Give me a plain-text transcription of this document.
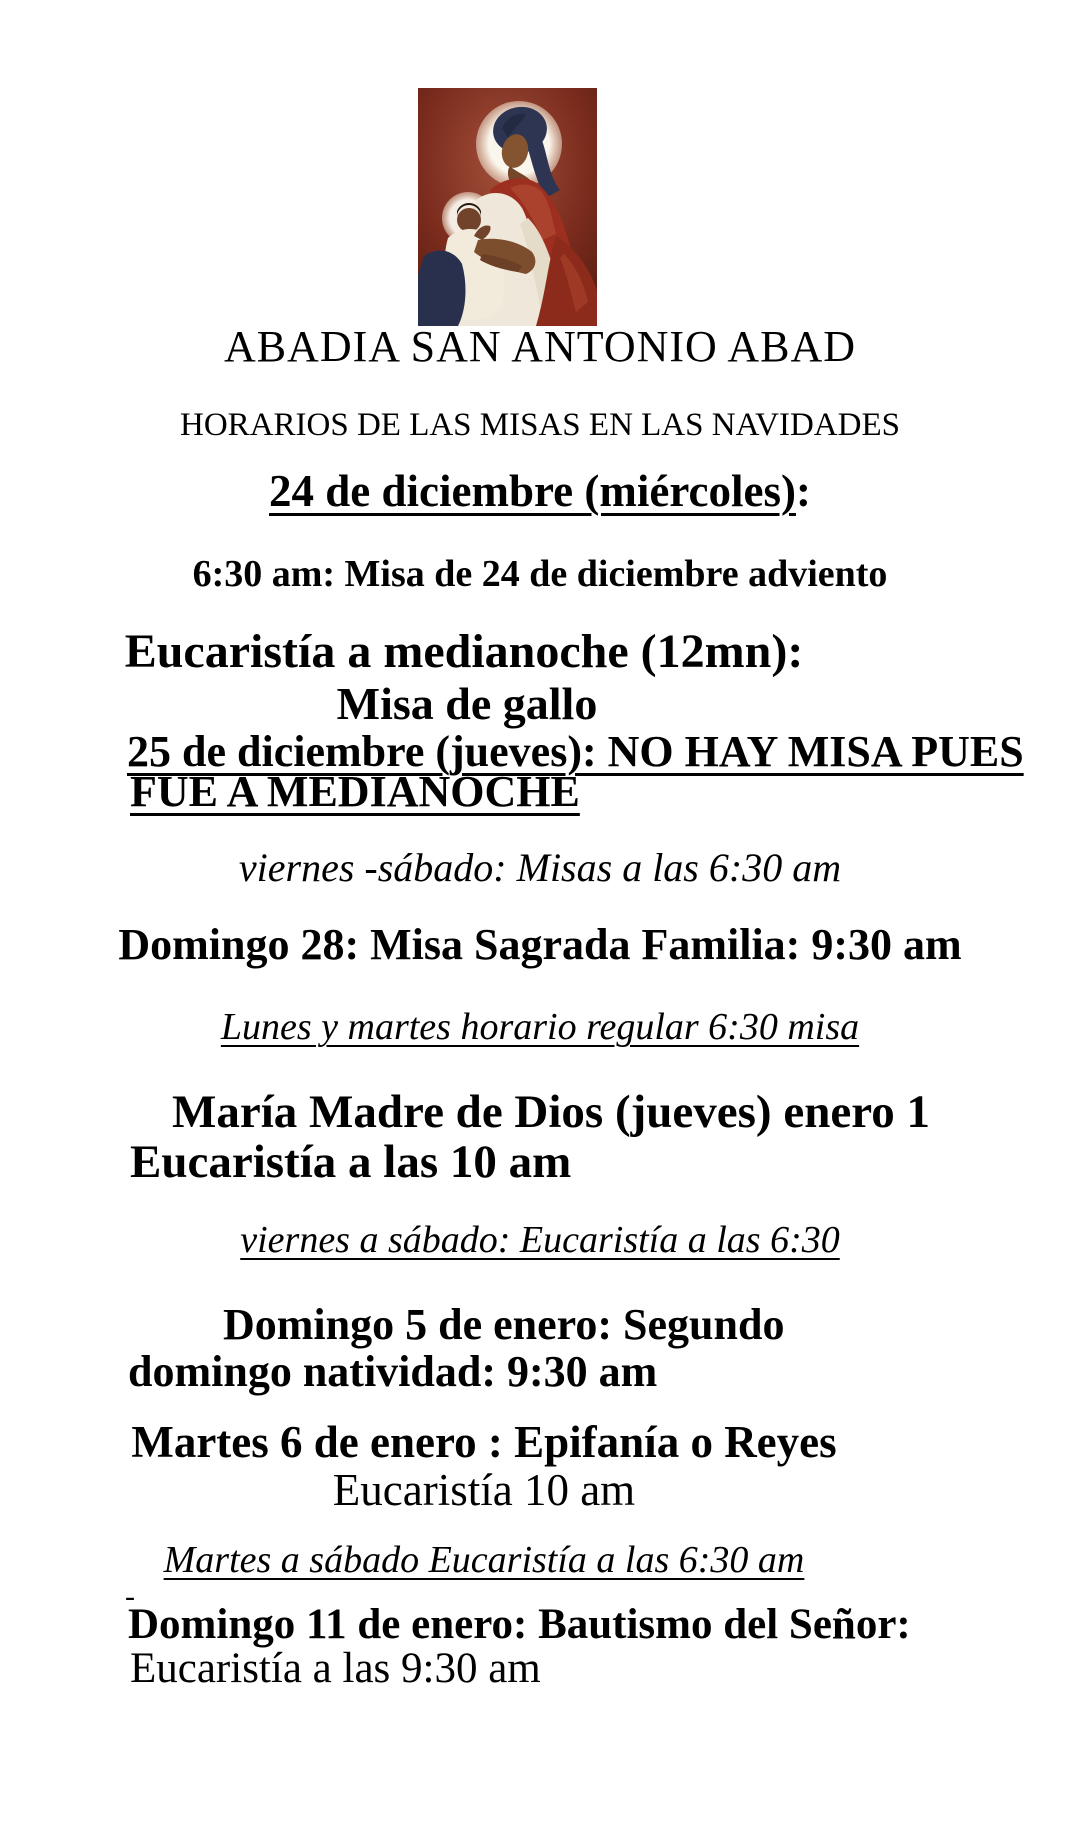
ABADIA SAN ANTONIO ABAD
HORARIOS DE LAS MISAS EN LAS NAVIDADES
24 de diciembre (miércoles):
6:30 am: Misa de 24 de diciembre adviento
Eucaristía a medianoche (12mn):
Misa de gallo
25 de diciembre (jueves): NO HAY MISA PUES
FUE A MEDIANOCHE
viernes -sábado: Misas a las 6:30 am
Domingo 28: Misa Sagrada Familia: 9:30 am
Lunes y martes horario regular 6:30 misa
María Madre de Dios (jueves) enero 1
Eucaristía a las 10 am
viernes a sábado: Eucaristía a las 6:30
Domingo 5 de enero: Segundo
domingo natividad: 9:30 am
Martes 6 de enero : Epifanía o Reyes
Eucaristía 10 am
Martes a sábado Eucaristía a las 6:30 am
-
Domingo 11 de enero: Bautismo del Señor:
Eucaristía a las 9:30 am
